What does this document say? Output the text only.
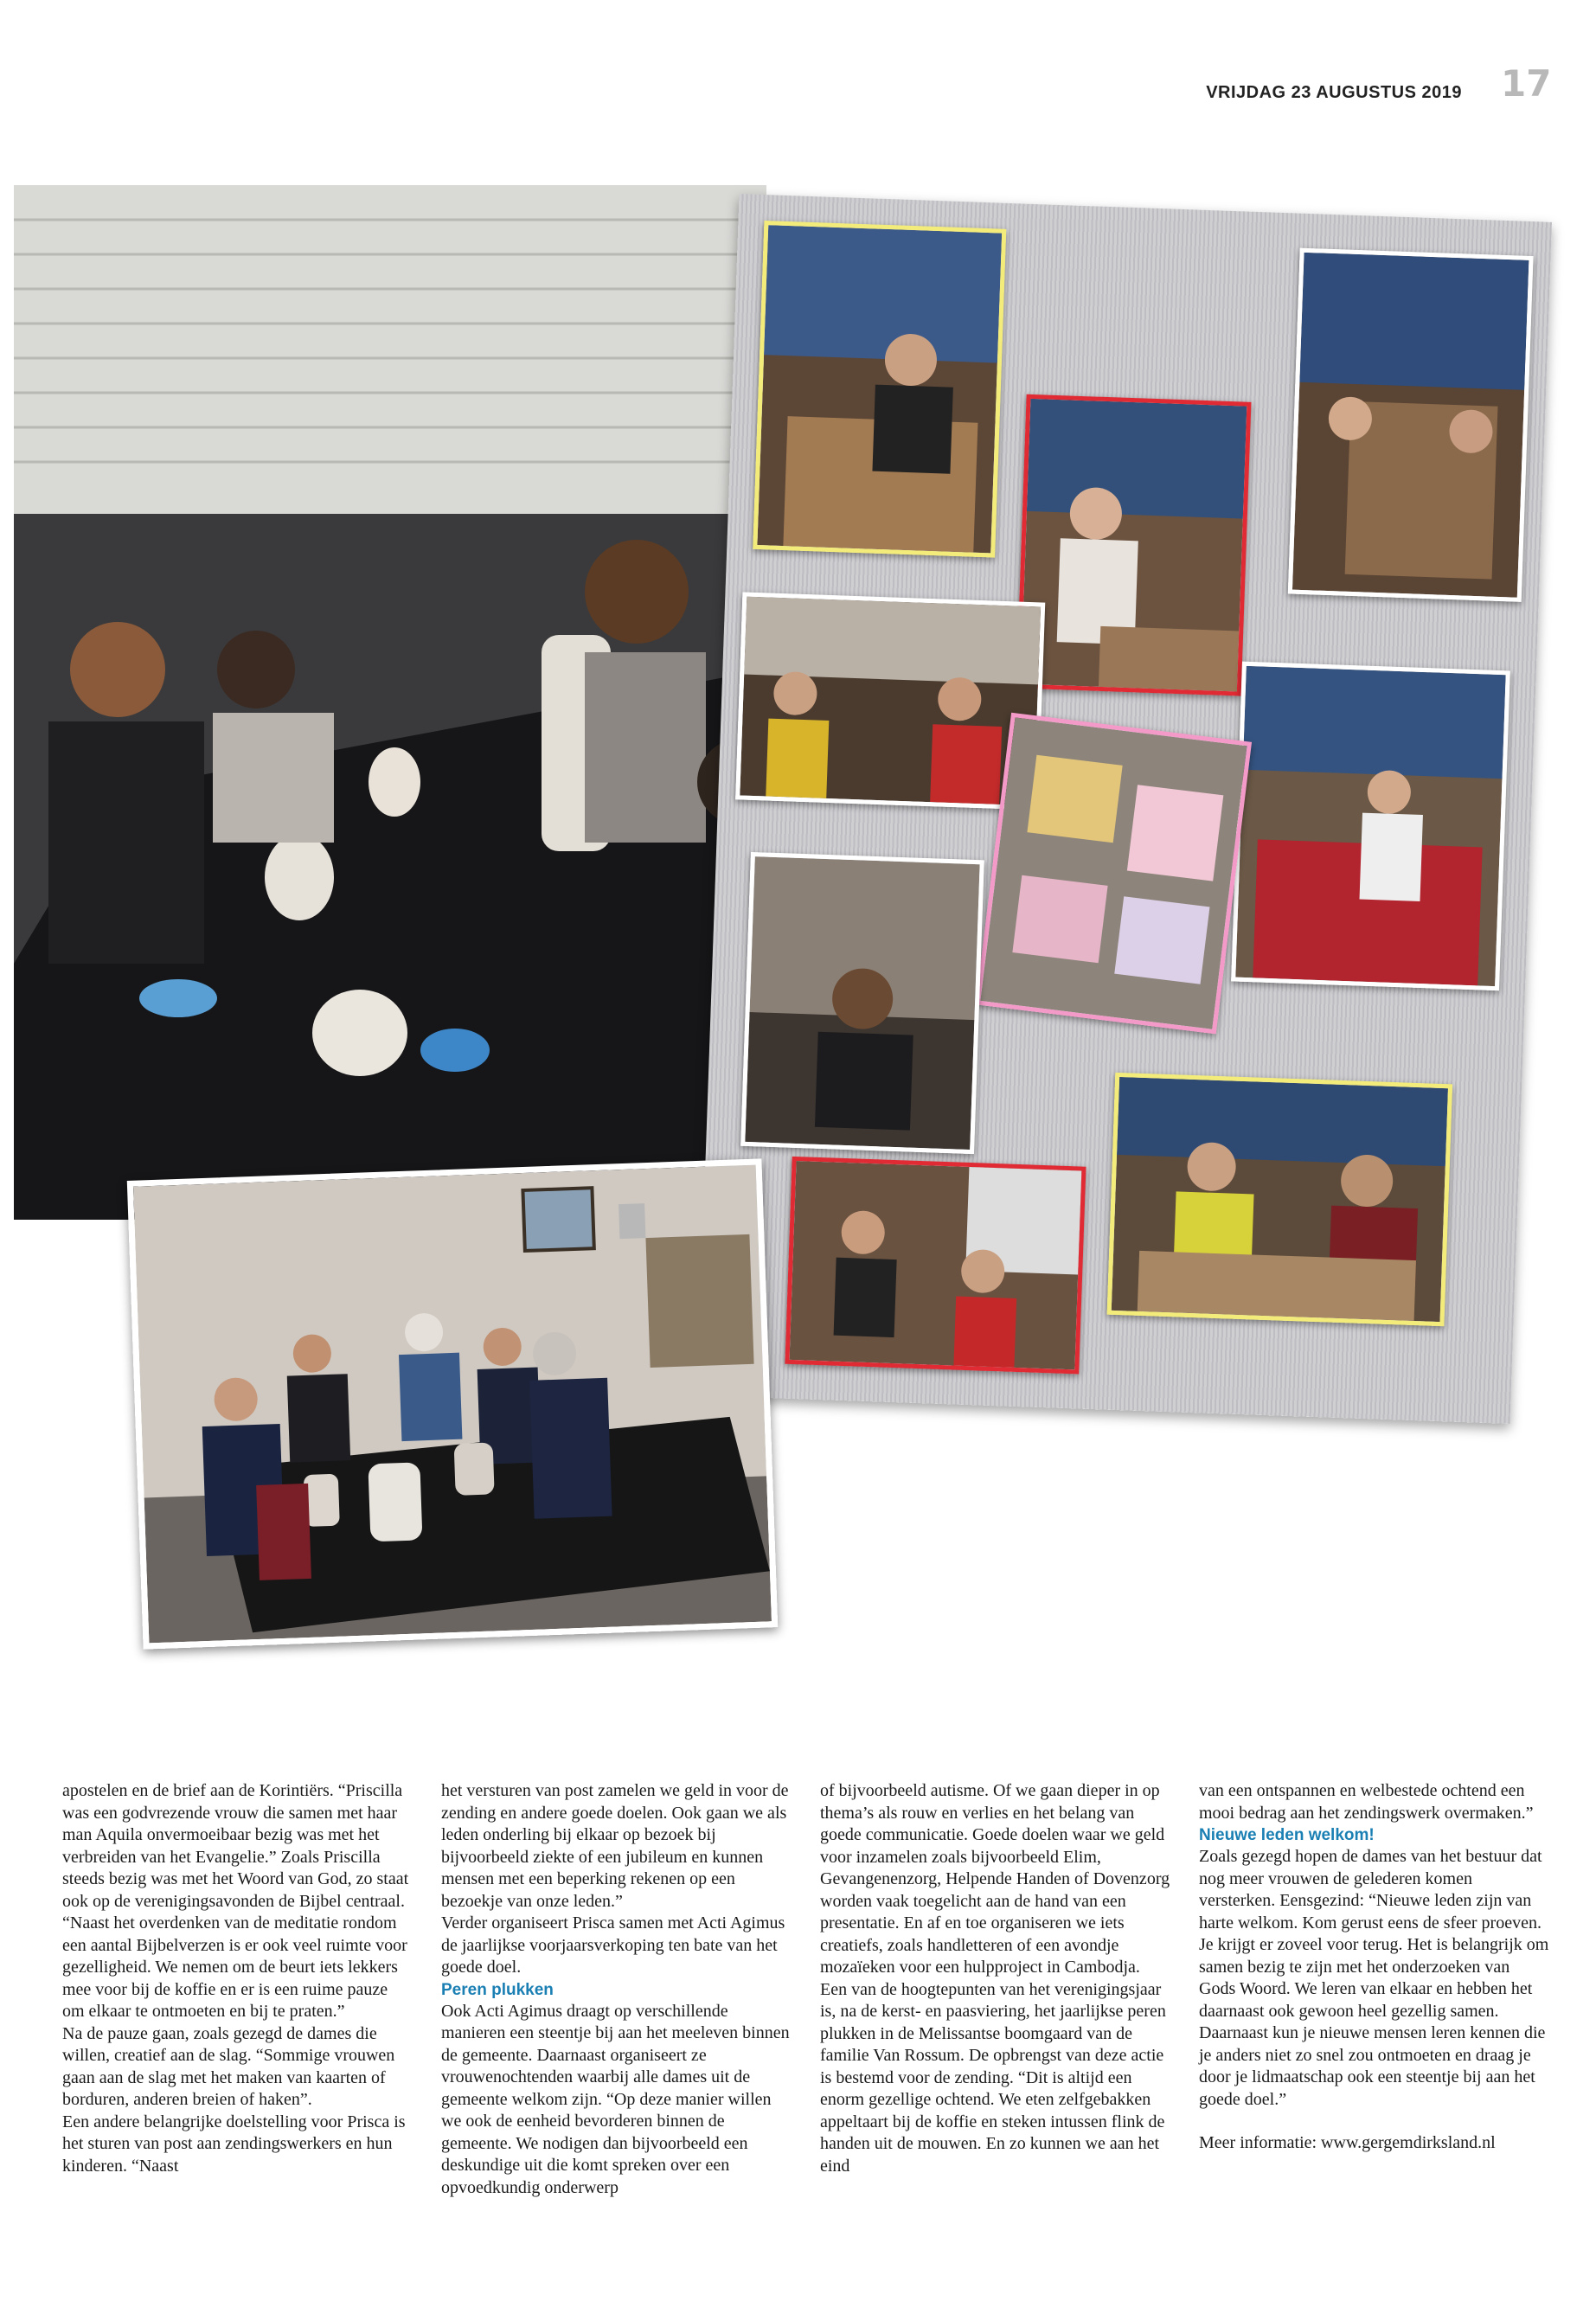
VRIJDAG 23 AUGUSTUS 2019 17

apostelen en de brief aan de Korintiërs. “Priscilla was een godvrezende vrouw die samen met haar man Aquila onvermoeibaar bezig was met het verbreiden van het Evangelie.” Zoals Priscilla steeds bezig was met het Woord van God, zo staat ook op de verenigingsavonden de Bijbel centraal. “Naast het overdenken van de meditatie rondom een aantal Bijbelverzen is er ook veel ruimte voor gezelligheid. We nemen om de beurt iets lekkers mee voor bij de koffie en er is een ruime pauze om elkaar te ontmoeten en bij te praten.”

Na de pauze gaan, zoals gezegd de dames die willen, creatief aan de slag. “Sommige vrouwen gaan aan de slag met het maken van kaarten of borduren, anderen breien of haken”.

Een andere belangrijke doelstelling voor Prisca is het sturen van post aan zendingswerkers en hun kinderen. “Naast

het versturen van post zamelen we geld in voor de zending en andere goede doelen. Ook gaan we als leden onderling bij elkaar op bezoek bij bijvoorbeeld ziekte of een jubileum en kunnen mensen met een beperking rekenen op een bezoekje van onze leden.”

Verder organiseert Prisca samen met Acti Agimus de jaarlijkse voorjaarsverkoping ten bate van het goede doel.

Peren plukken

Ook Acti Agimus draagt op verschillende manieren een steentje bij aan het meeleven binnen de gemeente. Daarnaast organiseert ze vrouwenochtenden waarbij alle dames uit de gemeente welkom zijn. “Op deze manier willen we ook de eenheid bevorderen binnen de gemeente. We nodigen dan bijvoorbeeld een deskundige uit die komt spreken over een opvoedkundig onderwerp

of bijvoorbeeld autisme. Of we gaan dieper in op thema’s als rouw en verlies en het belang van goede communicatie. Goede doelen waar we geld voor inzamelen zoals bijvoorbeeld Elim, Gevangenenzorg, Helpende Handen of Dovenzorg worden vaak toegelicht aan de hand van een presentatie. En af en toe organiseren we iets creatiefs, zoals handletteren of een avondje mozaïeken voor een hulpproject in Cambodja.

Een van de hoogtepunten van het verenigingsjaar is, na de kerst- en paasviering, het jaarlijkse peren plukken in de Melissantse boomgaard van de familie Van Rossum. De opbrengst van deze actie is bestemd voor de zending. “Dit is altijd een enorm gezellige ochtend. We eten zelfgebakken appeltaart bij de koffie en steken intussen flink de handen uit de mouwen. En zo kunnen we aan het eind

van een ontspannen en welbestede ochtend een mooi bedrag aan het zendingswerk overmaken.”

Nieuwe leden welkom!

Zoals gezegd hopen de dames van het bestuur dat nog meer vrouwen de gelederen komen versterken. Eensgezind: “Nieuwe leden zijn van harte welkom. Kom gerust eens de sfeer proeven. Je krijgt er zoveel voor terug. Het is belangrijk om samen bezig te zijn met het onderzoeken van Gods Woord. We leren van elkaar en hebben het daarnaast ook gewoon heel gezellig samen. Daarnaast kun je nieuwe mensen leren kennen die je anders niet zo snel zou ontmoeten en draag je door je lidmaatschap ook een steentje bij aan het goede doel.”

Meer informatie: www.gergemdirksland.nl
